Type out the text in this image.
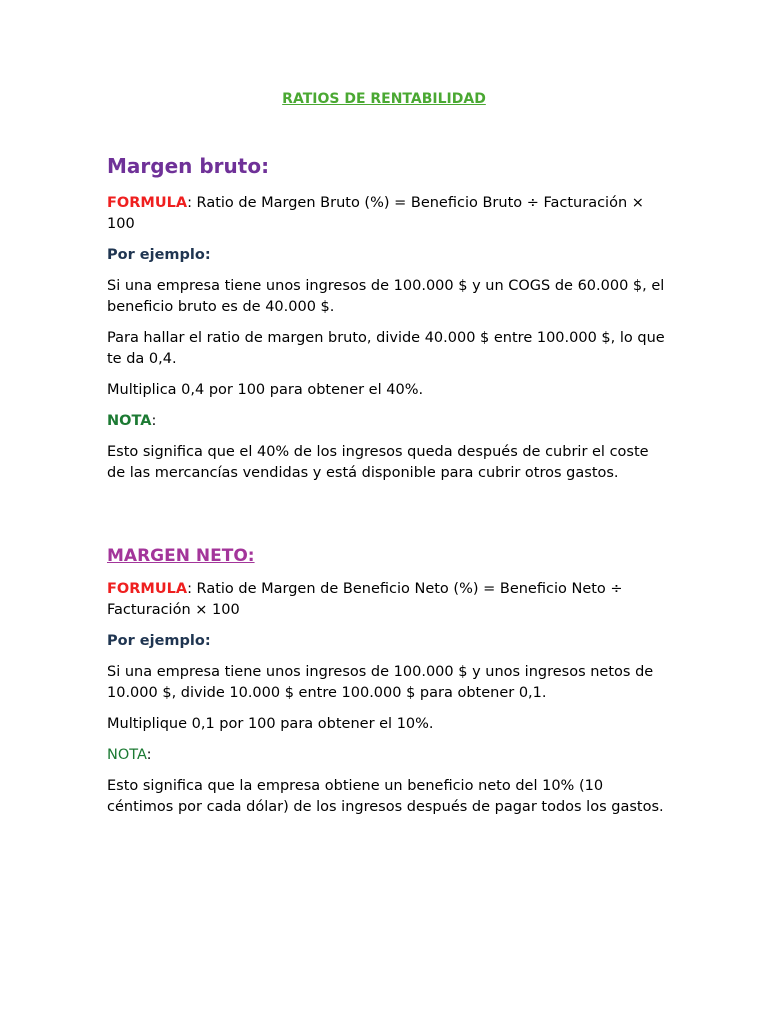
RATIOS DE RENTABILIDAD
Margen bruto:

FORMULA: Ratio de Margen Bruto (%) = Beneficio Bruto ÷ Facturación × 100

Por ejemplo:

Si una empresa tiene unos ingresos de 100.000 $ y un COGS de 60.000 $, el beneficio bruto es de 40.000 $.

Para hallar el ratio de margen bruto, divide 40.000 $ entre 100.000 $, lo que te da 0,4.

Multiplica 0,4 por 100 para obtener el 40%.

NOTA:

Esto significa que el 40% de los ingresos queda después de cubrir el coste de las mercancías vendidas y está disponible para cubrir otros gastos.

MARGEN NETO:

FORMULA: Ratio de Margen de Beneficio Neto (%) = Beneficio Neto ÷ Facturación × 100

Por ejemplo:

Si una empresa tiene unos ingresos de 100.000 $ y unos ingresos netos de 10.000 $, divide 10.000 $ entre 100.000 $ para obtener 0,1.

Multiplique 0,1 por 100 para obtener el 10%.

NOTA:

Esto significa que la empresa obtiene un beneficio neto del 10% (10 céntimos por cada dólar) de los ingresos después de pagar todos los gastos.
